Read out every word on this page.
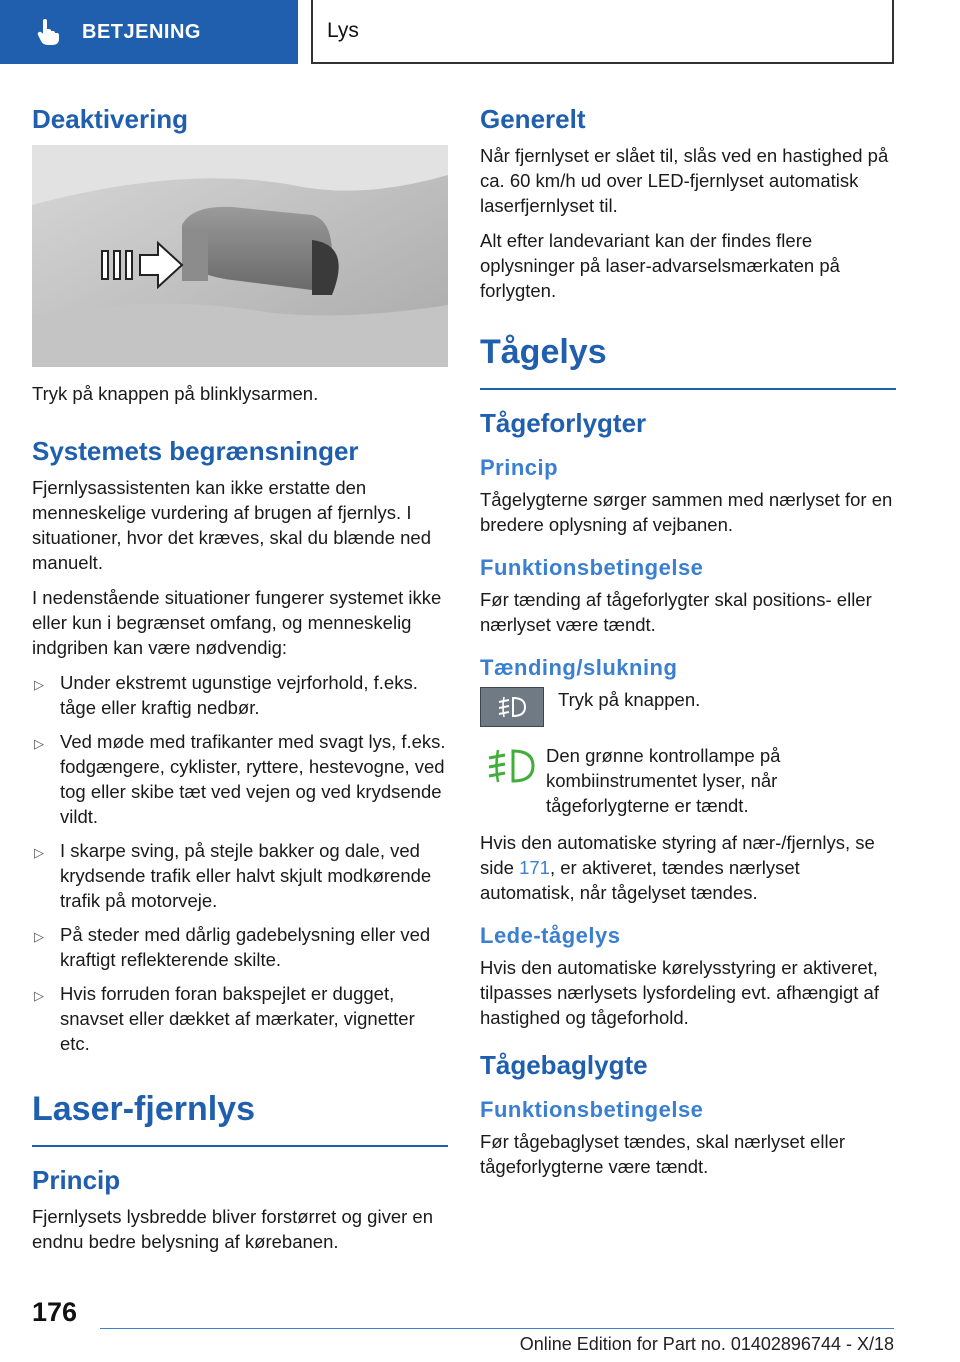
BETJENING	Lys
Deaktivering

Tryk på knappen på blinklysarmen.

Systemets begrænsninger

Fjernlysassistenten kan ikke erstatte den menneskelige vurdering af brugen af fjernlys. I situationer, hvor det kræves, skal du blænde ned manuelt.

I nedenstående situationer fungerer systemet ikke eller kun i begrænset omfang, og menneskelig indgriben kan være nødvendig:

▷ Under ekstremt ugunstige vejrforhold, f.eks. tåge eller kraftig nedbør.
▷ Ved møde med trafikanter med svagt lys, f.eks. fodgængere, cyklister, ryttere, hestevogne, ved tog eller skibe tæt ved vejen og ved krydsende vildt.
▷ I skarpe sving, på stejle bakker og dale, ved krydsende trafik eller halvt skjult modkørende trafik på motorveje.
▷ På steder med dårlig gadebelysning eller ved kraftigt reflekterende skilte.
▷ Hvis forruden foran bakspejlet er dugget, snavset eller dækket af mærkater, vignetter etc.
Laser-fjernlys
Princip

Fjernlysets lysbredde bliver forstørret og giver en endnu bedre belysning af kørebanen.

Generelt

Når fjernlyset er slået til, slås ved en hastighed på ca. 60 km/h ud over LED-fjernlyset automatisk laserfjernlyset til.

Alt efter landevariant kan der findes flere oplysninger på laser-advarselsmærkaten på forlygten.

Tågelys
Tågeforlygter
Princip

Tågelygterne sørger sammen med nærlyset for en bredere oplysning af vejbanen.

Funktionsbetingelse

Før tænding af tågeforlygter skal positions- eller nærlyset være tændt.

Tænding/slukning

Tryk på knappen.

Den grønne kontrollampe på kombiinstrumentet lyser, når tågeforlygterne er tændt.

Hvis den automatiske styring af nær-/fjernlys, se side 171, er aktiveret, tændes nærlyset automatisk, når tågelyset tændes.

Lede-tågelys

Hvis den automatiske kørelysstyring er aktiveret, tilpasses nærlysets lysfordeling evt. afhængigt af hastighed og tågeforhold.

Tågebaglygte
Funktionsbetingelse

Før tågebaglyset tændes, skal nærlyset eller tågeforlygterne være tændt.

176
Online Edition for Part no. 01402896744 - X/18
